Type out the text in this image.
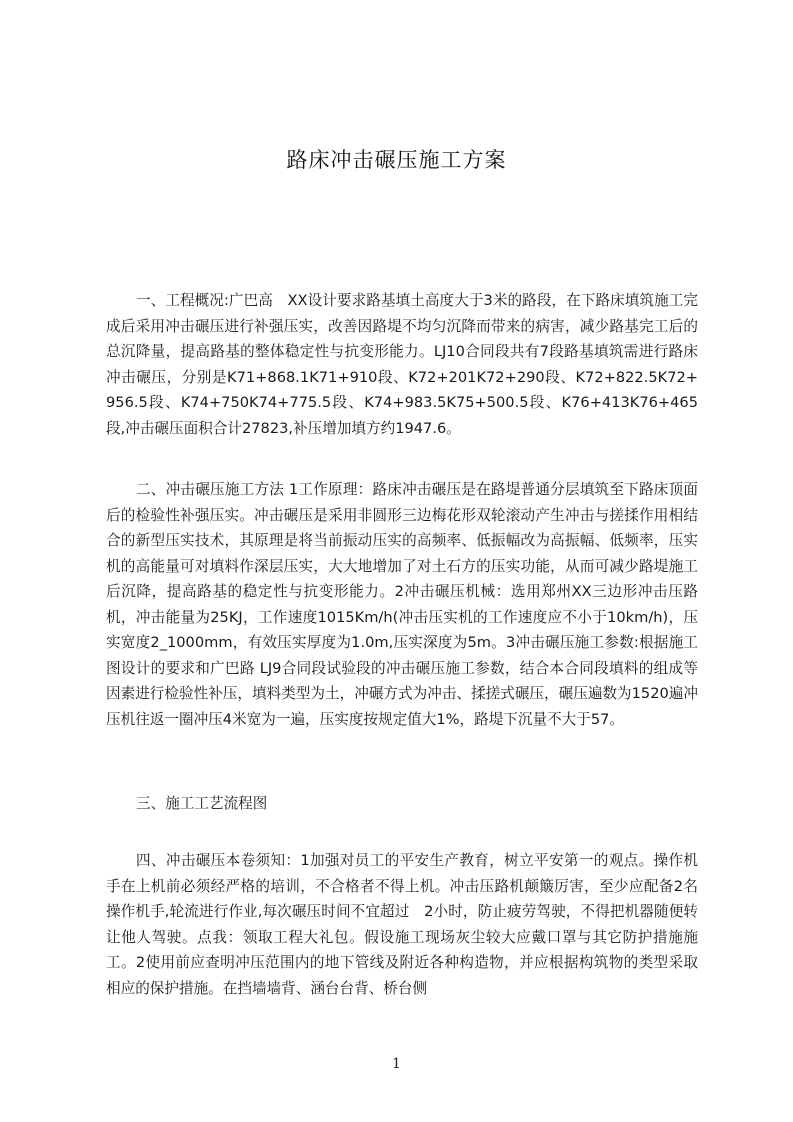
路床冲击碾压施工方案

一、工程概况:广巴高　XX设计要求路基填土高度大于3米的路段，在下路床填筑施工完成后采用冲击碾压进行补强压实，改善因路堤不均匀沉降而带来的病害，减少路基完工后的总沉降量，提高路基的整体稳定性与抗变形能力。LJ10合同段共有7段路基填筑需进行路床冲击碾压，分别是K71+868.1K71+910段、K72+201K72+290段、K72+822.5K72+956.5段、K74+750K74+775.5段、K74+983.5K75+500.5段、K76+413K76+465段,冲击碾压面积合计27823,补压增加填方约1947.6。

二、冲击碾压施工方法 1工作原理：路床冲击碾压是在路堤普通分层填筑至下路床顶面后的检验性补强压实。冲击碾压是采用非圆形三边梅花形双轮滚动产生冲击与搓揉作用相结合的新型压实技术，其原理是将当前振动压实的高频率、低振幅改为高振幅、低频率，压实机的高能量可对填料作深层压实，大大地增加了对土石方的压实功能，从而可减少路堤施工后沉降，提高路基的稳定性与抗变形能力。2冲击碾压机械：选用郑州XX三边形冲击压路机，冲击能量为25KJ，工作速度1015Km/h(冲击压实机的工作速度应不小于10km/h)，压实宽度2_1000mm，有效压实厚度为1.0m,压实深度为5m。3冲击碾压施工参数:根据施工图设计的要求和广巴路 LJ9合同段试验段的冲击碾压施工参数，结合本合同段填料的组成等因素进行检验性补压，填料类型为土，冲碾方式为冲击、揉搓式碾压，碾压遍数为1520遍冲压机往返一圈冲压4米宽为一遍，压实度按规定值大1%，路堤下沉量不大于57。

三、施工工艺流程图

四、冲击碾压本卷须知：1加强对员工的平安生产教育，树立平安第一的观点。操作机手在上机前必须经严格的培训，不合格者不得上机。冲击压路机颠簸厉害，至少应配备2名操作机手,轮流进行作业,每次碾压时间不宜超过　2小时，防止疲劳驾驶，不得把机器随便转让他人驾驶。点我：领取工程大礼包。假设施工现场灰尘较大应戴口罩与其它防护措施施工。2使用前应查明冲压范围内的地下管线及附近各种构造物，并应根据构筑物的类型采取相应的保护措施。在挡墙墙背、涵台台背、桥台侧

1
